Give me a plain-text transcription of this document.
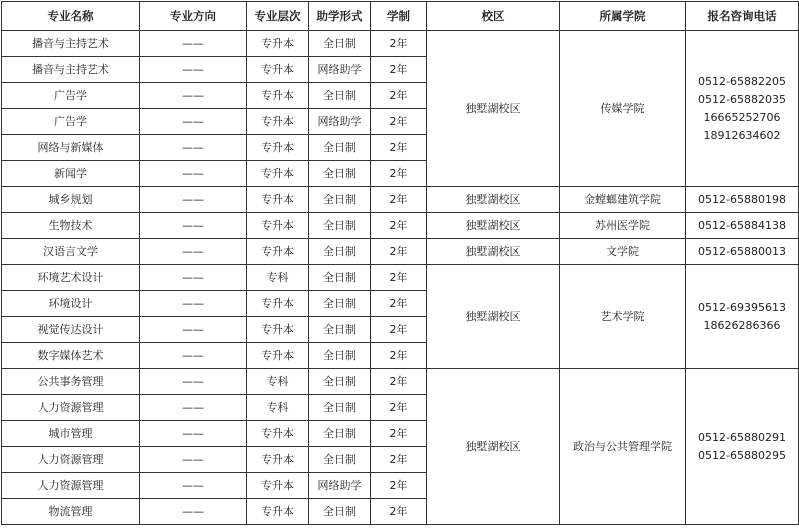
专业名称	专业方向	专业层次	助学形式	学制	校区	所属学院	报名咨询电话
播音与主持艺术	——	专升本	全日制	2年	独墅湖校区	传媒学院	0512-65882205
0512-65882035
16665252706
18912634602

播音与主持艺术	——	专升本	网络助学	2年			
广告学	——	专升本	全日制	2年			
广告学	——	专升本	网络助学	2年			
网络与新媒体	——	专升本	全日制	2年			
新闻学	——	专升本	全日制	2年			
城乡规划	——	专升本	全日制	2年	独墅湖校区	金螳螂建筑学院	0512-65880198

生物技术	——	专升本	全日制	2年	独墅湖校区	苏州医学院	0512-65884138

汉语言文学	——	专升本	全日制	2年	独墅湖校区	文学院	0512-65880013

环境艺术设计	——	专科	全日制	2年	独墅湖校区	艺术学院	0512-69395613
18626286366

环境设计	——	专升本	全日制	2年			
视觉传达设计	——	专升本	全日制	2年			
数字媒体艺术	——	专升本	全日制	2年			
公共事务管理	——	专科	全日制	2年	独墅湖校区	政治与公共管理学院	0512-65880291
0512-65880295

人力资源管理	——	专科	全日制	2年			
城市管理	——	专升本	全日制	2年			
人力资源管理	——	专升本	全日制	2年			
人力资源管理	——	专升本	网络助学	2年			
物流管理	——	专升本	全日制	2年			
